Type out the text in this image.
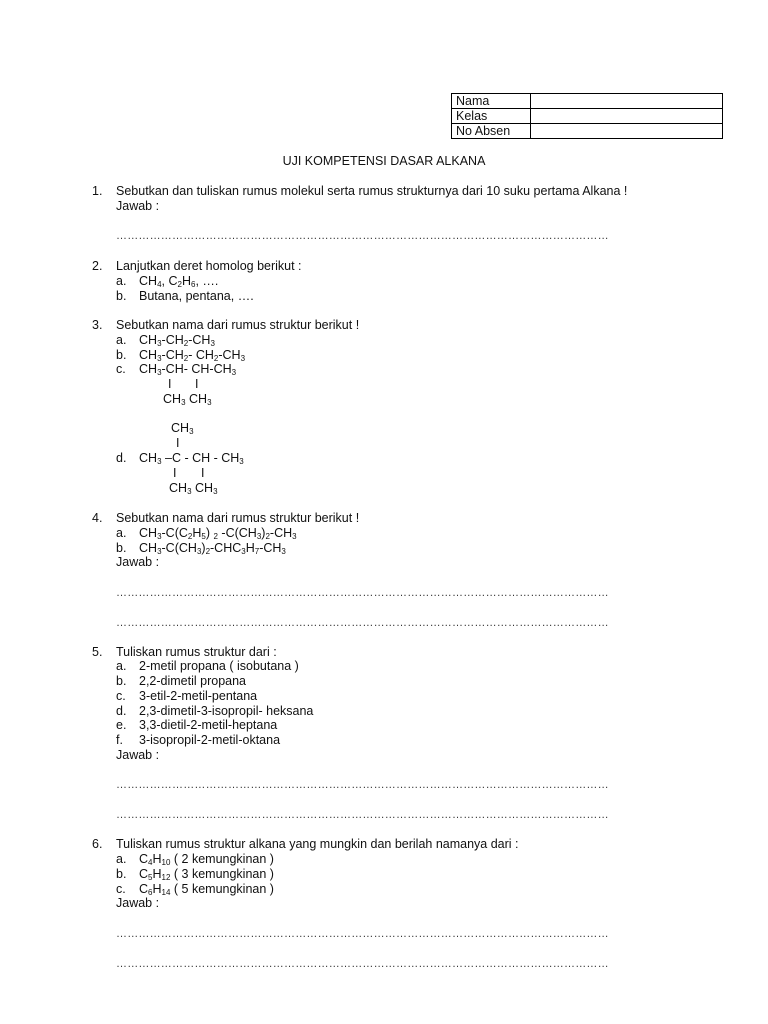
Nama	
Kelas	
No Absen	
UJI KOMPETENSI DASAR ALKANA
1.	Sebutkan dan tuliskan rumus molekul serta rumus strukturnya dari 10 suku pertama Alkana !
Jawab :
……………………………………………………………………………………………………………………
2.	Lanjutkan deret homolog berikut :
a. $CH_4$, $C_2H_6$, ….
b. Butana, pentana, ….
3.	Sebutkan nama dari rumus struktur berikut !
a. $CH_3-CH_2-CH_3$
b. $CH_3-CH_2-$ $CH_2-CH_3$
c. $CH_3-CH-$ $CH-CH_3$
I I
$CH_3$ $CH_3$
$CH_3$
I
d. $CH_3$ –C - CH - $CH_3$
I I
$CH_3$ $CH_3$
4.	Sebutkan nama dari rumus struktur berikut !
a. $CH_3-C(C_2H_5)$ $_2$ $-C(CH_3)_2-CH_3$
b. $CH_3-C(CH_3)_2-CHC_3H_7-CH_3$
Jawab :
……………………………………………………………………………………………………………………
……………………………………………………………………………………………………………………
5.	Tuliskan rumus struktur dari :
a. 2-metil propana ( isobutana )
b. 2,2-dimetil propana
c. 3-etil-2-metil-pentana
d. 2,3-dimetil-3-isopropil- heksana
e. 3,3-dietil-2-metil-heptana
f. 3-isopropil-2-metil-oktana
Jawab :
……………………………………………………………………………………………………………………
……………………………………………………………………………………………………………………
6.	Tuliskan rumus struktur alkana yang mungkin dan berilah namanya dari :
a. $C_4H_{10}$ ( 2 kemungkinan )
b. $C_5H_{12}$ ( 3 kemungkinan )
c. $C_6H_{14}$ ( 5 kemungkinan )
Jawab :
……………………………………………………………………………………………………………………
……………………………………………………………………………………………………………………
